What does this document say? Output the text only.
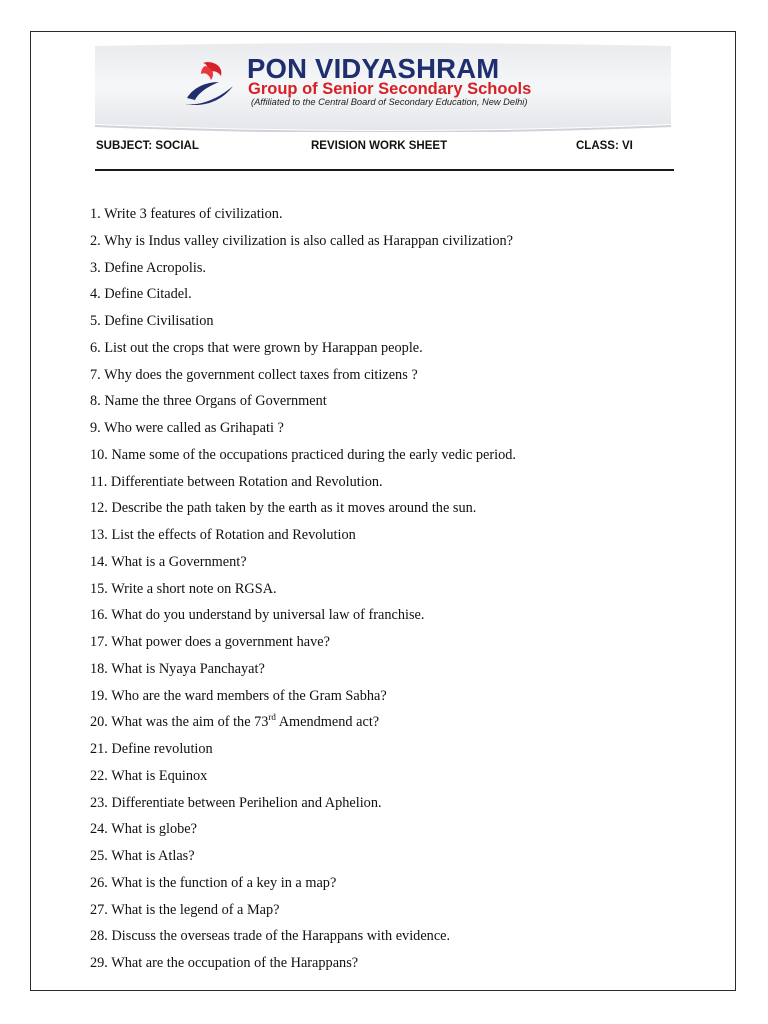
PON VIDYASHRAM
Group of Senior Secondary Schools
(Affiliated to the Central Board of Secondary Education, New Delhi)
SUBJECT: SOCIAL	REVISION WORK SHEET	CLASS: VI
1. Write 3 features of civilization.
2. Why is Indus valley civilization is also called as Harappan civilization?
3. Define Acropolis.
4. Define Citadel.
5. Define Civilisation
6. List out the crops that were grown by Harappan people.
7. Why does the government collect taxes from citizens ?
8. Name the three Organs of Government
9. Who were called as Grihapati ?
10. Name some of the occupations practiced during the early vedic period.
11. Differentiate between Rotation and Revolution.
12. Describe the path taken by the earth as it moves around the sun.
13. List the effects of Rotation and Revolution
14. What is a Government?
15. Write a short note on RGSA.
16. What do you understand by universal law of franchise.
17. What power does a government have?
18. What is Nyaya Panchayat?
19. Who are the ward members of the Gram Sabha?
20. What was the aim of the 73rd Amendmend act?
21. Define revolution
22. What is Equinox
23. Differentiate between Perihelion and Aphelion.
24. What is globe?
25. What is Atlas?
26. What is the function of a key in a map?
27. What is the legend of a Map?
28. Discuss the overseas trade of the Harappans with evidence.
29. What are the occupation of the Harappans?
